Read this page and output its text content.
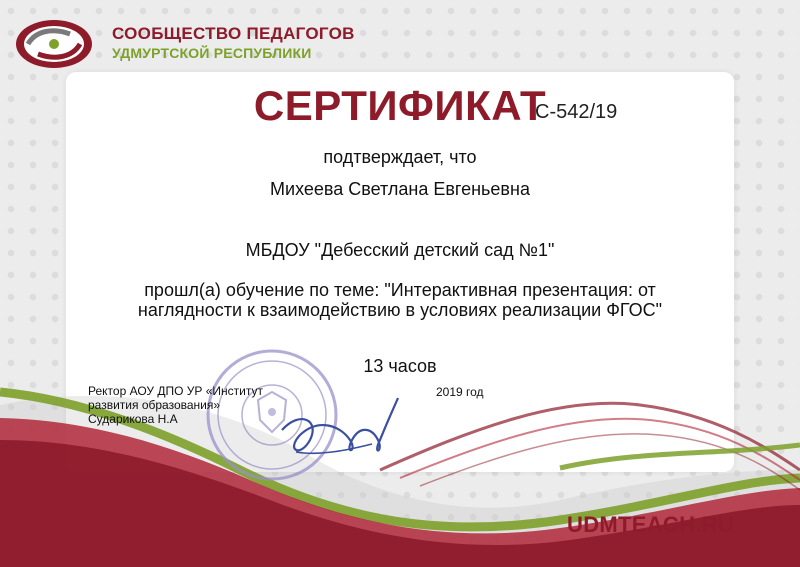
СООБЩЕСТВО ПЕДАГОГОВ
УДМУРТСКОЙ РЕСПУБЛИКИ
СЕРТИФИКАТ
С-542/19
подтверждает, что
Михеева Светлана Евгеньевна
МБДОУ "Дебесский детский сад №1"
прошл(а) обучение по теме: "Интерактивная презентация: от
наглядности к взаимодействию в условиях реализации ФГОС"
13 часов
Ректор АОУ ДПО УР «Институт
развития образования»
Сударикова Н.А
2019 год
UDMTEACH.RU
